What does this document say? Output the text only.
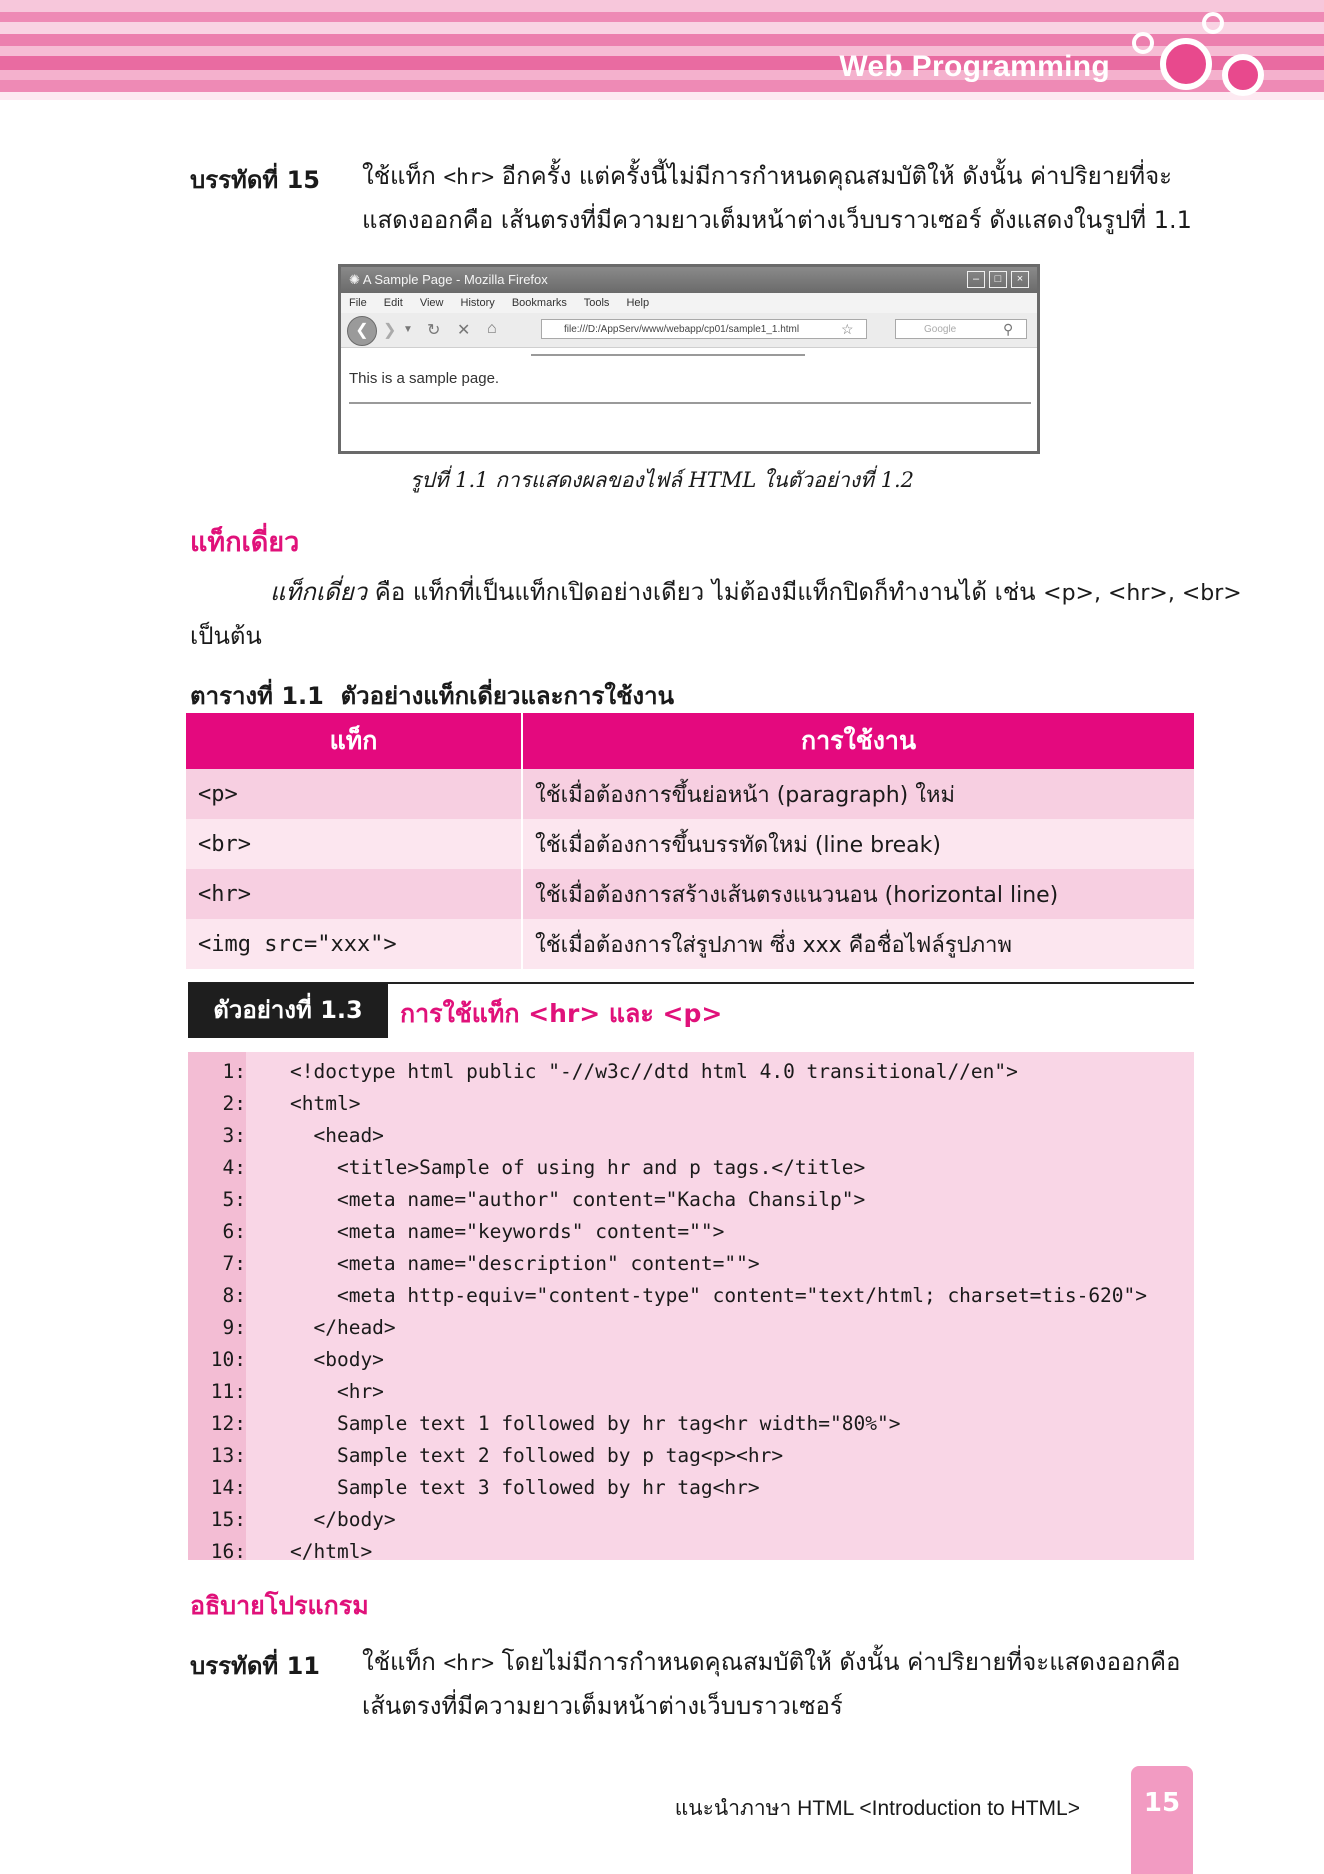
Web Programming
บรรทัดที่ 15 ใช้แท็ก <hr> อีกครั้ง แต่ครั้งนี้ไม่มีการกำหนดคุณสมบัติให้ ดังนั้น ค่าปริยายที่จะ
แสดงออกคือ เส้นตรงที่มีความยาวเต็มหน้าต่างเว็บบราวเซอร์ ดังแสดงในรูปที่ 1.1
✺ A Sample Page - Mozilla Firefox	–	□	×
File Edit View History Bookmarks Tools Help
❮ ❯ ▼ ↻ ✕ ⌂	file:///D:/AppServ/www/webapp/cp01/sample1_1.html	☆	Google	⚲
This is a sample page.
รูปที่ 1.1 การแสดงผลของไฟล์ HTML ในตัวอย่างที่ 1.2
แท็กเดี่ยว
แท็กเดี่ยว คือ แท็กที่เป็นแท็กเปิดอย่างเดียว ไม่ต้องมีแท็กปิดก็ทำงานได้ เช่น <p>, <hr>, <br>
เป็นต้น
ตารางที่ 1.1 ตัวอย่างแท็กเดี่ยวและการใช้งาน
แท็ก	การใช้งาน
<p>	ใช้เมื่อต้องการขึ้นย่อหน้า (paragraph) ใหม่
<br>	ใช้เมื่อต้องการขึ้นบรรทัดใหม่ (line break)
<hr>	ใช้เมื่อต้องการสร้างเส้นตรงแนวนอน (horizontal line)
<img src="xxx">	ใช้เมื่อต้องการใส่รูปภาพ ซึ่ง xxx คือชื่อไฟล์รูปภาพ
ตัวอย่างที่ 1.3	การใช้แท็ก <hr> และ <p>
1: <!doctype html public "-//w3c//dtd html 4.0 transitional//en">
2: <html>
3: <head>
4: <title>Sample of using hr and p tags.</title>
5: <meta name="author" content="Kacha Chansilp">
6: <meta name="keywords" content="">
7: <meta name="description" content="">
8: <meta http-equiv="content-type" content="text/html; charset=tis-620">
9: </head>
10: <body>
11: <hr>
12: Sample text 1 followed by hr tag<hr width="80%">
13: Sample text 2 followed by p tag<p><hr>
14: Sample text 3 followed by hr tag<hr>
15: </body>
16: </html>
อธิบายโปรแกรม
บรรทัดที่ 11 ใช้แท็ก <hr> โดยไม่มีการกำหนดคุณสมบัติให้ ดังนั้น ค่าปริยายที่จะแสดงออกคือ
เส้นตรงที่มีความยาวเต็มหน้าต่างเว็บบราวเซอร์
แนะนำภาษา HTML <Introduction to HTML>	15
